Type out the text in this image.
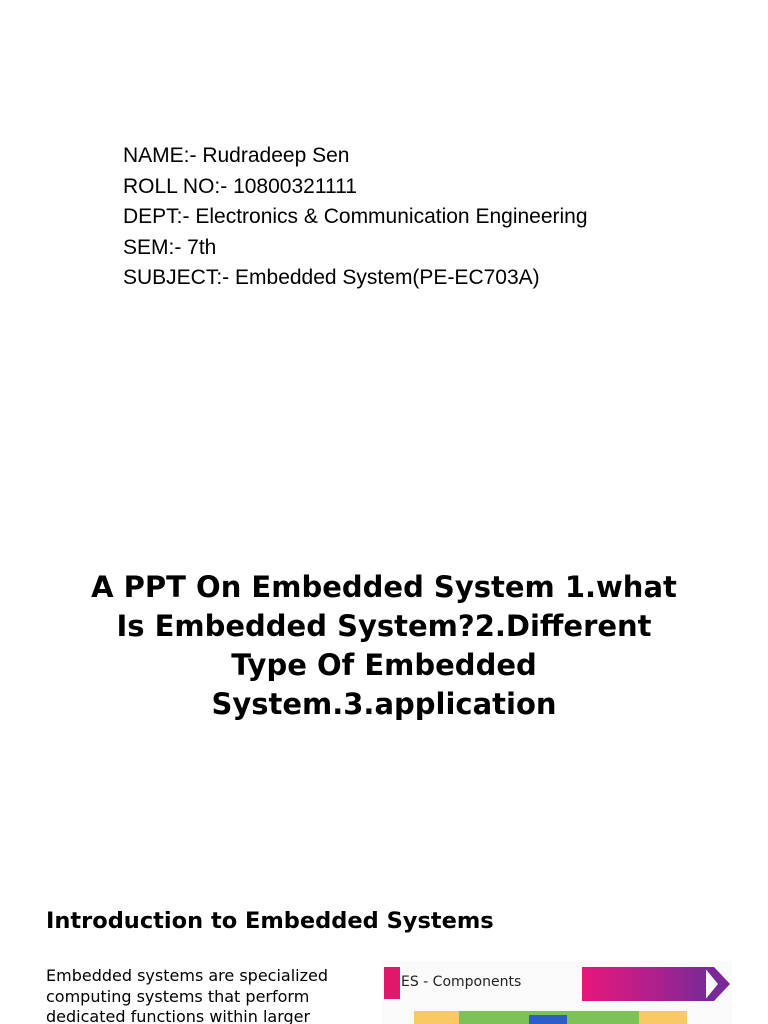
NAME:- Rudradeep Sen
ROLL NO:- 10800321111
DEPT:- Electronics & Communication Engineering
SEM:- 7th
SUBJECT:- Embedded System(PE-EC703A)
A PPT On Embedded System 1.what
Is Embedded System?2.Different
Type Of Embedded
System.3.application
Introduction to Embedded Systems
Embedded systems are specialized
computing systems that perform
dedicated functions within larger
ES - Components
